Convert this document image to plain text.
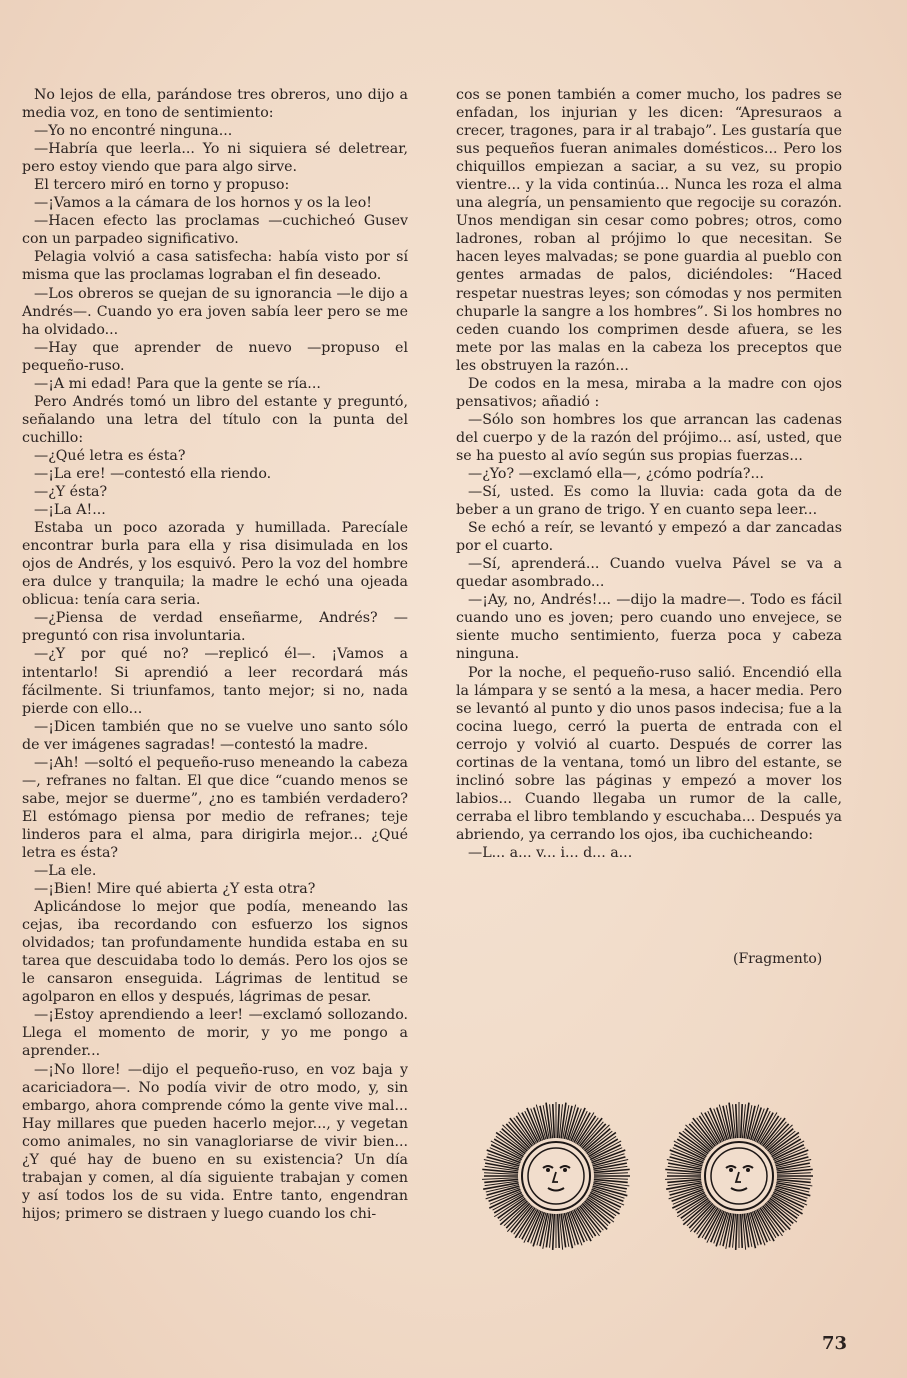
No lejos de ella, parándose tres obreros, uno dijo a media voz, en tono de sentimiento:

—Yo no encontré ninguna...

—Habría que leerla... Yo ni siquiera sé deletrear, pero estoy viendo que para algo sirve.

El tercero miró en torno y propuso:

—¡Vamos a la cámara de los hornos y os la leo!

—Hacen efecto las proclamas —cuchicheó Gusev con un parpadeo significativo.

Pelagia volvió a casa satisfecha: había visto por sí misma que las proclamas lograban el fin deseado.

—Los obreros se quejan de su ignorancia —le dijo a Andrés—. Cuando yo era joven sabía leer pero se me ha olvidado...

—Hay que aprender de nuevo —propuso el pequeño-ruso.

—¡A mi edad! Para que la gente se ría...

Pero Andrés tomó un libro del estante y preguntó, señalando una letra del título con la punta del cuchillo:

—¿Qué letra es ésta?

—¡La ere! —contestó ella riendo.

—¿Y ésta?

—¡La A!...

Estaba un poco azorada y humillada. Parecíale encontrar burla para ella y risa disimulada en los ojos de Andrés, y los esquivó. Pero la voz del hombre era dulce y tranquila; la madre le echó una ojeada oblicua: tenía cara seria.

—¿Piensa de verdad enseñarme, Andrés? —preguntó con risa involuntaria.

—¿Y por qué no? —replicó él—. ¡Vamos a intentarlo! Si aprendió a leer recordará más fácilmente. Si triunfamos, tanto mejor; si no, nada pierde con ello...

—¡Dicen también que no se vuelve uno santo sólo de ver imágenes sagradas! —contestó la madre.

—¡Ah! —soltó el pequeño-ruso meneando la cabeza—, refranes no faltan. El que dice “cuando menos se sabe, mejor se duerme”, ¿no es también verdadero? El estómago piensa por medio de refranes; teje linderos para el alma, para dirigirla mejor... ¿Qué letra es ésta?

—La ele.

—¡Bien! Mire qué abierta ¿Y esta otra?

Aplicándose lo mejor que podía, meneando las cejas, iba recordando con esfuerzo los signos olvidados; tan profundamente hundida estaba en su tarea que descuidaba todo lo demás. Pero los ojos se le cansaron enseguida. Lágrimas de lentitud se agolparon en ellos y después, lágrimas de pesar.

—¡Estoy aprendiendo a leer! —exclamó sollozando. Llega el momento de morir, y yo me pongo a aprender...

—¡No llore! —dijo el pequeño-ruso, en voz baja y acariciadora—. No podía vivir de otro modo, y, sin embargo, ahora comprende cómo la gente vive mal... Hay millares que pueden hacerlo mejor..., y vegetan como animales, no sin vanagloriarse de vivir bien... ¿Y qué hay de bueno en su existencia? Un día trabajan y comen, al día siguiente trabajan y comen y así todos los de su vida. Entre tanto, engendran hijos; primero se distraen y luego cuando los chi-

cos se ponen también a comer mucho, los padres se enfadan, los injurian y les dicen: “Apresuraos a crecer, tragones, para ir al trabajo”. Les gustaría que sus pequeños fueran animales domésticos... Pero los chiquillos empiezan a saciar, a su vez, su propio vientre... y la vida continúa... Nunca les roza el alma una alegría, un pensamiento que regocije su corazón. Unos mendigan sin cesar como pobres; otros, como ladrones, roban al prójimo lo que necesitan. Se hacen leyes malvadas; se pone guardia al pueblo con gentes armadas de palos, diciéndoles: “Haced respetar nuestras leyes; son cómodas y nos permiten chuparle la sangre a los hombres”. Si los hombres no ceden cuando los comprimen desde afuera, se les mete por las malas en la cabeza los preceptos que les obstruyen la razón...

De codos en la mesa, miraba a la madre con ojos pensativos; añadió :

—Sólo son hombres los que arrancan las cadenas del cuerpo y de la razón del prójimo... así, usted, que se ha puesto al avío según sus propias fuerzas...

—¿Yo? —exclamó ella—, ¿cómo podría?...

—Sí, usted. Es como la lluvia: cada gota da de beber a un grano de trigo. Y en cuanto sepa leer...

Se echó a reír, se levantó y empezó a dar zancadas por el cuarto.

—Sí, aprenderá... Cuando vuelva Pável se va a quedar asombrado...

—¡Ay, no, Andrés!... —dijo la madre—. Todo es fácil cuando uno es joven; pero cuando uno envejece, se siente mucho sentimiento, fuerza poca y cabeza ninguna.

Por la noche, el pequeño-ruso salió. Encendió ella la lámpara y se sentó a la mesa, a hacer media. Pero se levantó al punto y dio unos pasos indecisa; fue a la cocina luego, cerró la puerta de entrada con el cerrojo y volvió al cuarto. Después de correr las cortinas de la ventana, tomó un libro del estante, se inclinó sobre las páginas y empezó a mover los labios... Cuando llegaba un rumor de la calle, cerraba el libro temblando y escuchaba... Después ya abriendo, ya cerrando los ojos, iba cuchicheando:

—L... a... v... i... d... a...

(Fragmento)
73
